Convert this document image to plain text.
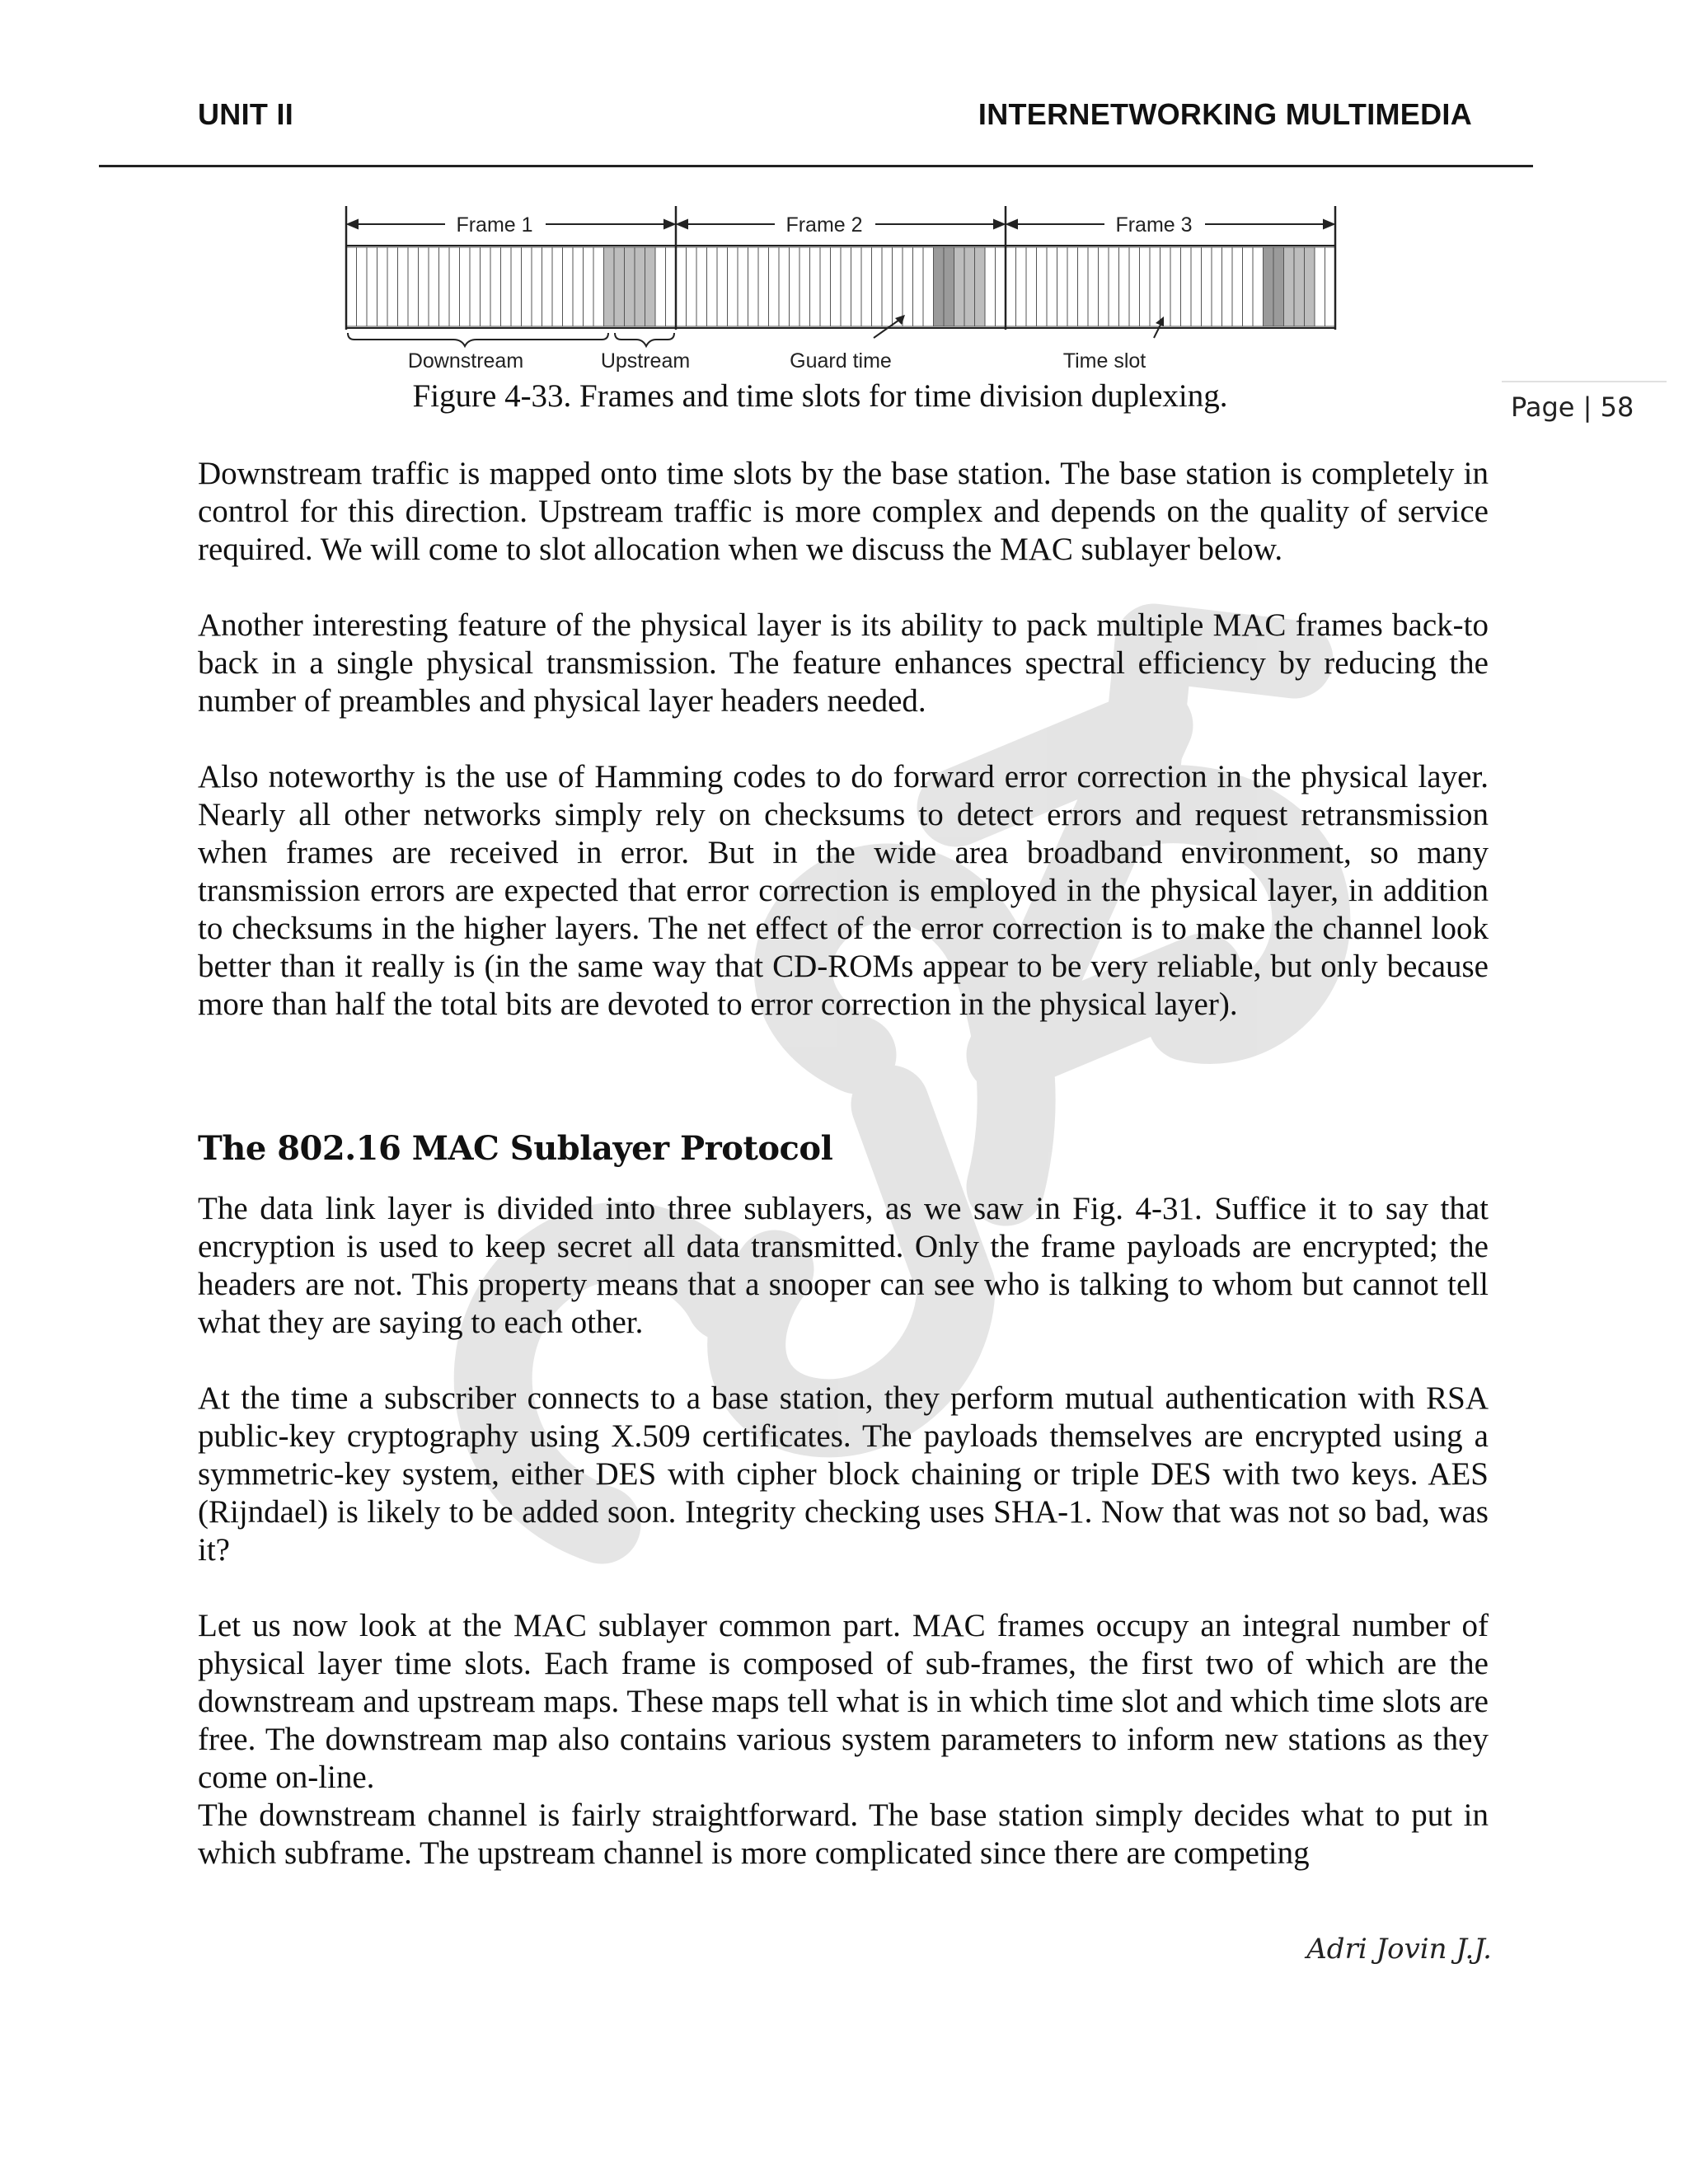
UNIT II	INTERNETWORKING MULTIMEDIA
Page | 58
Frame 1	Frame 2	Frame 3
Downstream	Upstream	Guard time	Time slot
Figure 4-33. Frames and time slots for time division duplexing.

Downstream traffic is mapped onto time slots by the base station. The base station is completely in control for this direction. Upstream traffic is more complex and depends on the quality of service required. We will come to slot allocation when we discuss the MAC sublayer below.

Another interesting feature of the physical layer is its ability to pack multiple MAC frames back-to back in a single physical transmission. The feature enhances spectral efficiency by reducing the number of preambles and physical layer headers needed.

Also noteworthy is the use of Hamming codes to do forward error correction in the physical layer. Nearly all other networks simply rely on checksums to detect errors and request retransmission when frames are received in error. But in the wide area broadband environment, so many transmission errors are expected that error correction is employed in the physical layer, in addition to checksums in the higher layers. The net effect of the error correction is to make the channel look better than it really is (in the same way that CD-ROMs appear to be very reliable, but only because more than half the total bits are devoted to error correction in the physical layer).

The 802.16 MAC Sublayer Protocol

The data link layer is divided into three sublayers, as we saw in Fig. 4-31. Suffice it to say that encryption is used to keep secret all data transmitted. Only the frame payloads are encrypted; the headers are not. This property means that a snooper can see who is talking to whom but cannot tell what they are saying to each other.

At the time a subscriber connects to a base station, they perform mutual authentication with RSA public-key cryptography using X.509 certificates. The payloads themselves are encrypted using a symmetric-key system, either DES with cipher block chaining or triple DES with two keys. AES (Rijndael) is likely to be added soon. Integrity checking uses SHA-1. Now that was not so bad, was it?

Let us now look at the MAC sublayer common part. MAC frames occupy an integral number of physical layer time slots. Each frame is composed of sub-frames, the first two of which are the downstream and upstream maps. These maps tell what is in which time slot and which time slots are free. The downstream map also contains various system parameters to inform new stations as they come on-line.

The downstream channel is fairly straightforward. The base station simply decides what to put in which subframe. The upstream channel is more complicated since there are competing

Adri Jovin J.J.
